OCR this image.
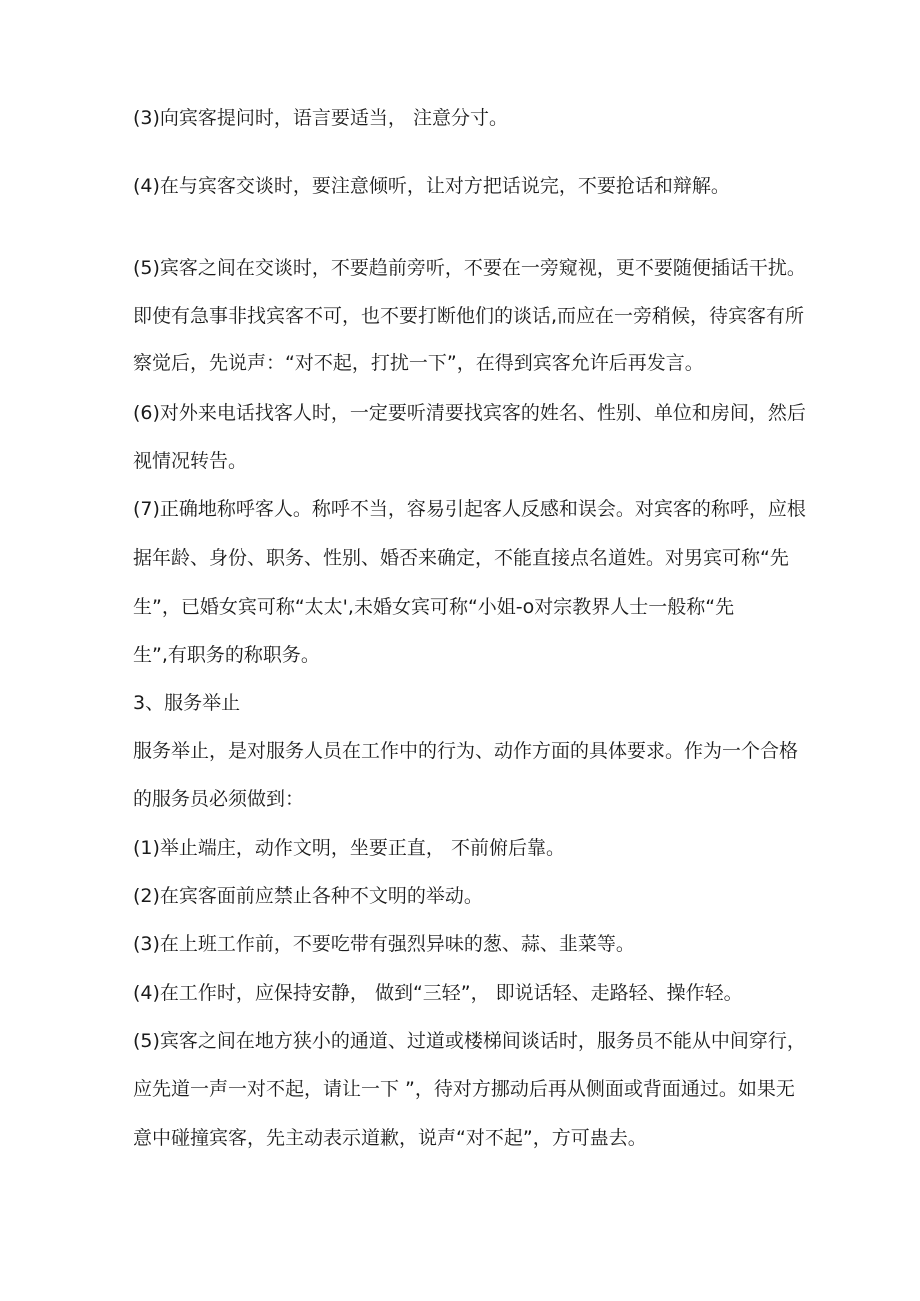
(3)向宾客提问时，语言要适当， 注意分寸。
(4)在与宾客交谈时，要注意倾听，让对方把话说完，不要抢话和辩解。
(5)宾客之间在交谈时，不要趋前旁听，不要在一旁窥视，更不要随便插话干扰。
即使有急事非找宾客不可，也不要打断他们的谈话,而应在一旁稍候，待宾客有所
察觉后，先说声：“对不起，打扰一下”，在得到宾客允许后再发言。
(6)对外来电话找客人时，一定要听清要找宾客的姓名、性别、单位和房间，然后
视情况转告。
(7)正确地称呼客人。称呼不当，容易引起客人反感和误会。对宾客的称呼，应根
据年龄、身份、职务、性别、婚否来确定，不能直接点名道姓。对男宾可称“先
生”，已婚女宾可称“太太',未婚女宾可称“小姐-o对宗教界人士一般称“先
生”,有职务的称职务。
3、服务举止
服务举止，是对服务人员在工作中的行为、动作方面的具体要求。作为一个合格
的服务员必须做到：
(1)举止端庄，动作文明，坐要正直， 不前俯后靠。
(2)在宾客面前应禁止各种不文明的举动。
(3)在上班工作前，不要吃带有强烈异味的葱、蒜、韭菜等。
(4)在工作时，应保持安静， 做到“三轻”， 即说话轻、走路轻、操作轻。
(5)宾客之间在地方狭小的通道、过道或楼梯间谈话时，服务员不能从中间穿行，
应先道一声一对不起，请让一下 ”，待对方挪动后再从侧面或背面通过。如果无
意中碰撞宾客，先主动表示道歉，说声“对不起”，方可蛊去。
